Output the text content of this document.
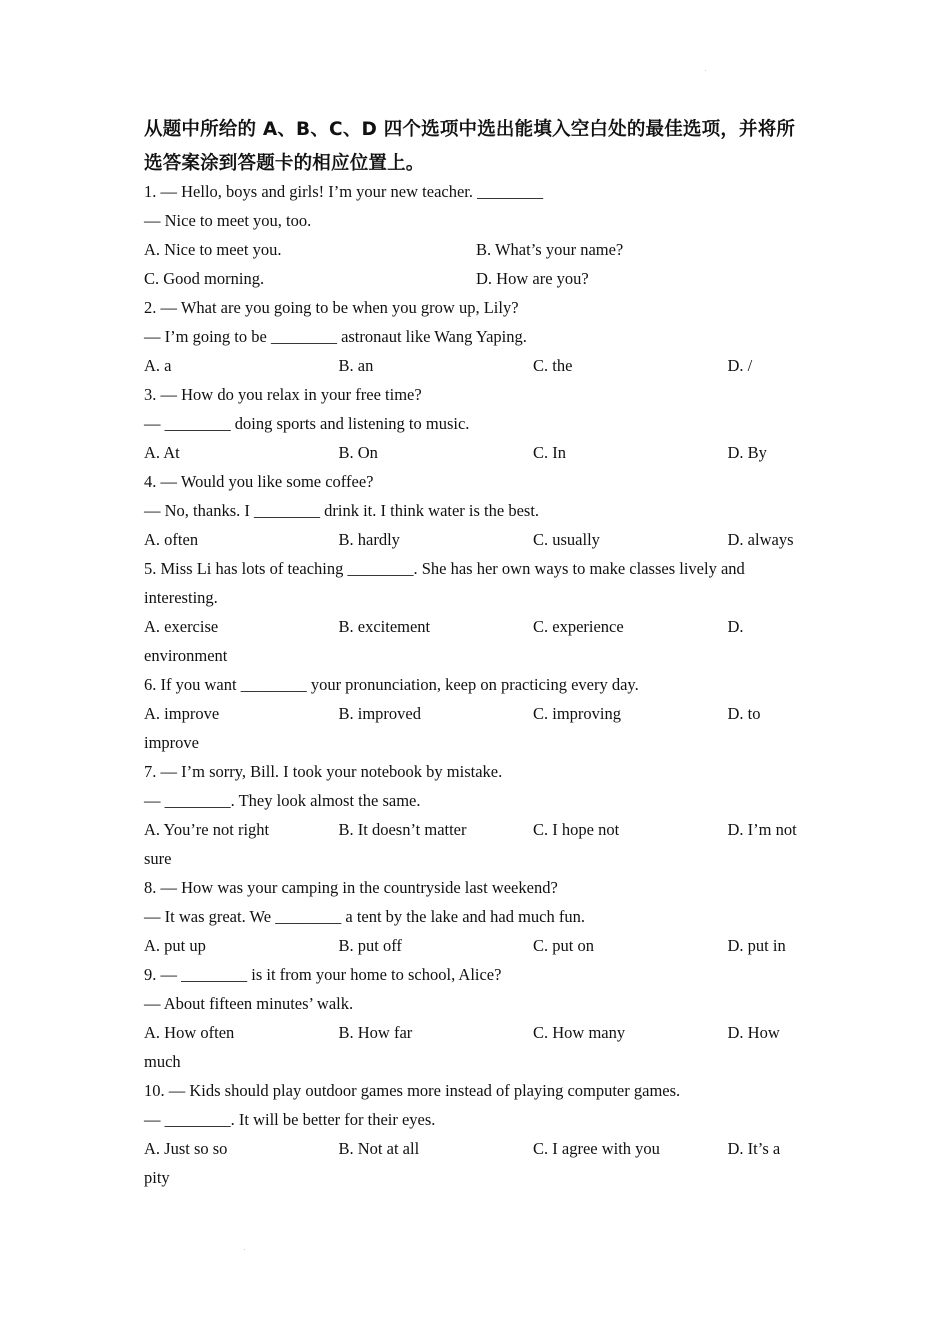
从题中所给的 A、B、C、D 四个选项中选出能填入空白处的最佳选项，并将所选答案涂到答题卡的相应位置上。
1. — Hello, boys and girls! I’m your new teacher. ________
— Nice to meet you, too.
A. Nice to meet you.	B. What’s your name?
C. Good morning.	D. How are you?
2. — What are you going to be when you grow up, Lily?
— I’m going to be ________ astronaut like Wang Yaping.
A. a	B. an	C. the	D. /
3. — How do you relax in your free time?
— ________ doing sports and listening to music.
A. At	B. On	C. In	D. By
4. — Would you like some coffee?
— No, thanks. I ________ drink it. I think water is the best.
A. often	B. hardly	C. usually	D. always
5. Miss Li has lots of teaching ________. She has her own ways to make classes lively and
interesting.
A. exercise	B. excitement	C. experience	D.
environment
6. If you want ________ your pronunciation, keep on practicing every day.
A. improve	B. improved	C. improving	D. to
improve
7. — I’m sorry, Bill. I took your notebook by mistake.
— ________. They look almost the same.
A. You’re not right	B. It doesn’t matter	C. I hope not	D. I’m not
sure
8. — How was your camping in the countryside last weekend?
— It was great. We ________ a tent by the lake and had much fun.
A. put up	B. put off	C. put on	D. put in
9. — ________ is it from your home to school, Alice?
— About fifteen minutes’ walk.
A. How often	B. How far	C. How many	D. How
much
10. — Kids should play outdoor games more instead of playing computer games.
— ________. It will be better for their eyes.
A. Just so so	B. Not at all	C. I agree with you	D. It’s a
pity
